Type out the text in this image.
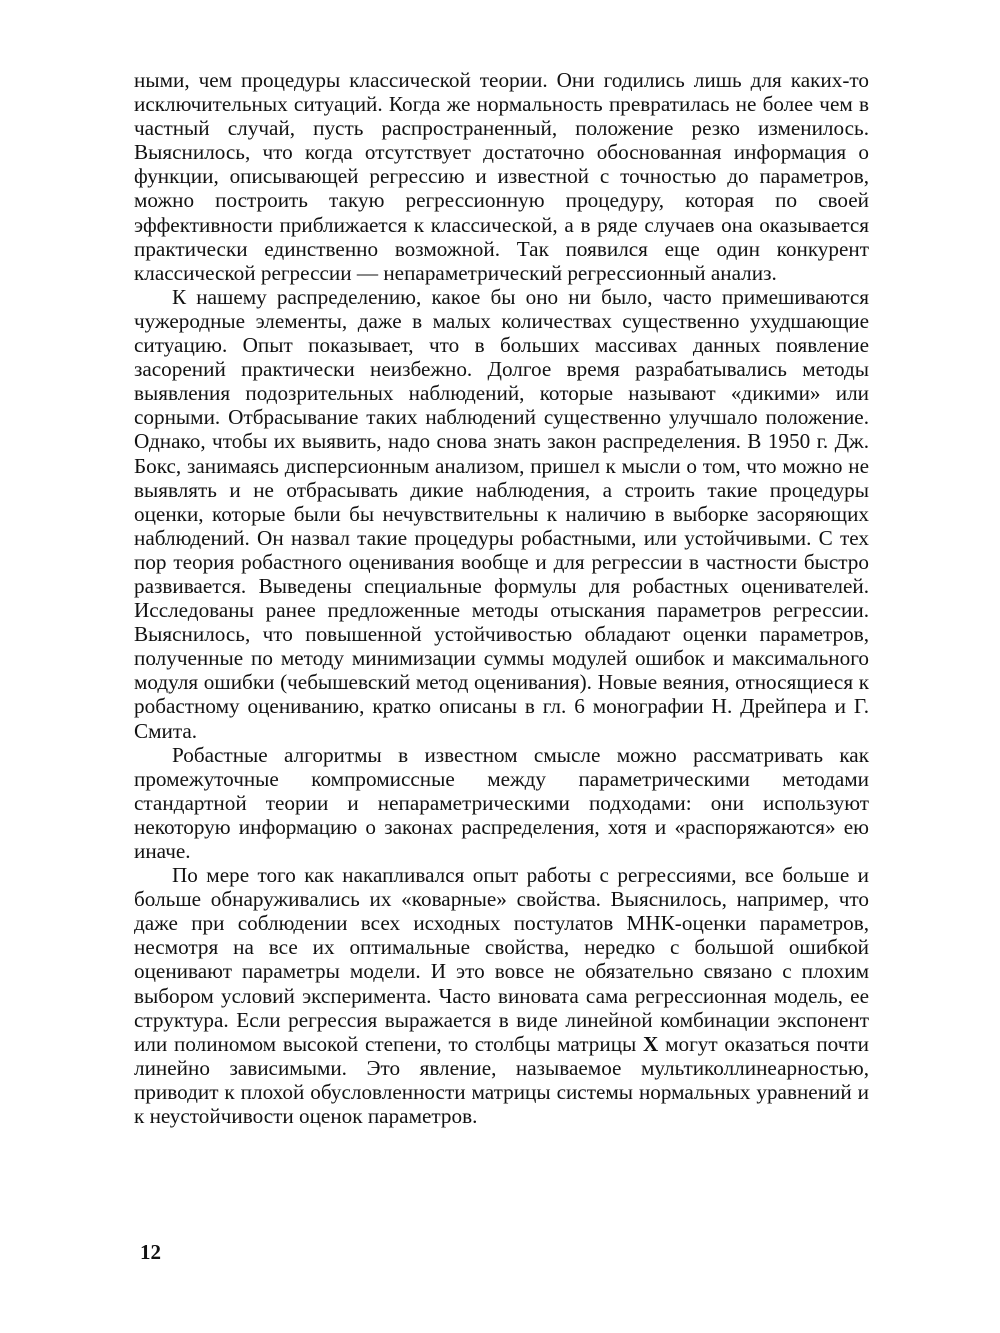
ными, чем процедуры классической теории. Они годились лишь для каких-то исключительных ситуаций. Когда же нормальность превратилась не более чем в частный случай, пусть распространенный, положение резко изменилось. Выяснилось, что когда отсутствует достаточно обоснованная информация о функции, описывающей регрессию и известной с точностью до параметров, можно построить такую регрессионную процедуру, которая по своей эффективности приближается к классической, а в ряде случаев она оказывается практически единственно возможной. Так появился еще один конкурент классической регрессии — непараметрический регрессионный анализ.

К нашему распределению, какое бы оно ни было, часто примешиваются чужеродные элементы, даже в малых количествах существенно ухудшающие ситуацию. Опыт показывает, что в больших массивах данных появление засорений практически неизбежно. Долгое время разрабатывались методы выявления подозрительных наблюдений, которые называют «дикими» или сорными. Отбрасывание таких наблюдений существенно улучшало положение. Однако, чтобы их выявить, надо снова знать закон распределения. В 1950 г. Дж. Бокс, занимаясь дисперсионным анализом, пришел к мысли о том, что можно не выявлять и не отбрасывать дикие наблюдения, а строить такие процедуры оценки, которые были бы нечувствительны к наличию в выборке засоряющих наблюдений. Он назвал такие процедуры робастными, или устойчивыми. С тех пор теория робастного оценивания вообще и для регрессии в частности быстро развивается. Выведены специальные формулы для робастных оценивателей. Исследованы ранее предложенные методы отыскания параметров регрессии. Выяснилось, что повышенной устойчивостью обладают оценки параметров, полученные по методу минимизации суммы модулей ошибок и максимального модуля ошибки (чебышевский метод оценивания). Новые веяния, относящиеся к робастному оцениванию, кратко описаны в гл. 6 монографии Н. Дрейпера и Г. Смита.

Робастные алгоритмы в известном смысле можно рассматривать как промежуточные компромиссные между параметрическими методами стандартной теории и непараметрическими подходами: они используют некоторую информацию о законах распределения, хотя и «распоряжаются» ею иначе.

По мере того как накапливался опыт работы с регрессиями, все больше и больше обнаруживались их «коварные» свойства. Выяснилось, например, что даже при соблюдении всех исходных постулатов МНК-оценки параметров, несмотря на все их оптимальные свойства, нередко с большой ошибкой оценивают параметры модели. И это вовсе не обязательно связано с плохим выбором условий эксперимента. Часто виновата сама регрессионная модель, ее структура. Если регрессия выражается в виде линейной комбинации экспонент или полиномом высокой степени, то столбцы матрицы X могут оказаться почти линейно зависимыми. Это явление, называемое мультиколлинеарностью, приводит к плохой обусловленности матрицы системы нормальных уравнений и к неустойчивости оценок параметров.

12
